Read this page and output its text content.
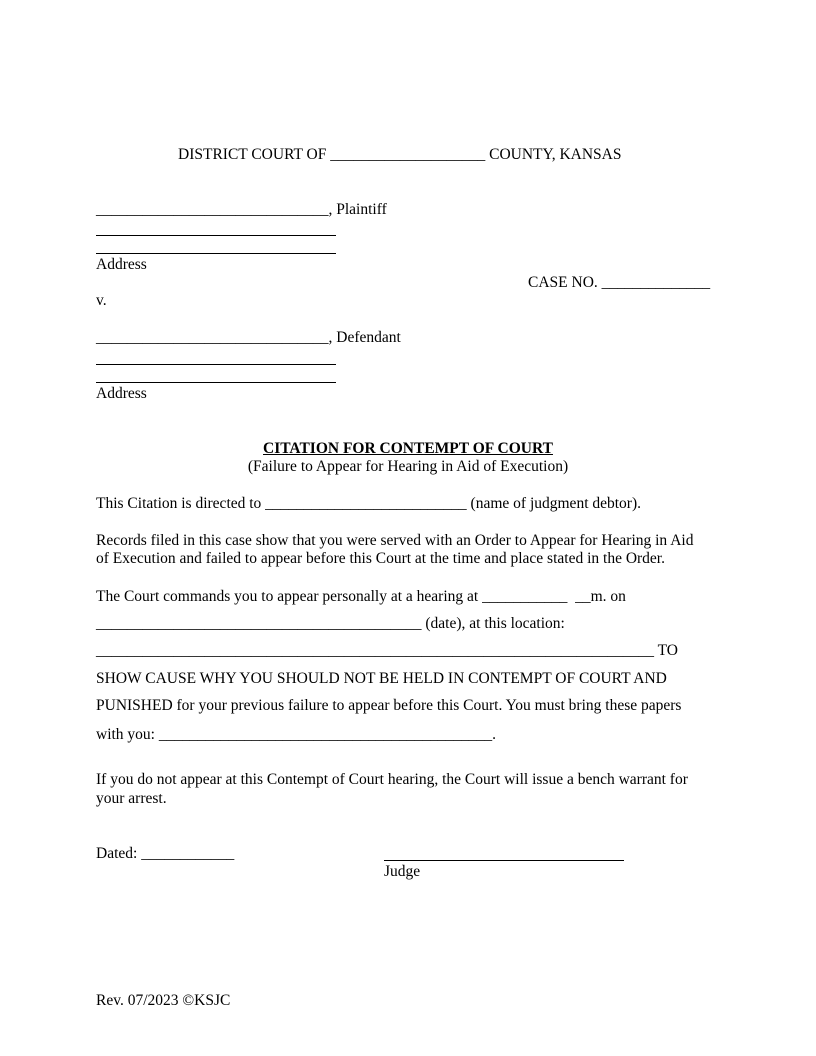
DISTRICT COURT OF ____________________ COUNTY, KANSAS
______________________________, Plaintiff
Address
CASE NO. ______________
v.
______________________________, Defendant
Address
CITATION FOR CONTEMPT OF COURT
(Failure to Appear for Hearing in Aid of Execution)
This Citation is directed to __________________________ (name of judgment debtor).
Records filed in this case show that you were served with an Order to Appear for Hearing in Aid
of Execution and failed to appear before this Court at the time and place stated in the Order.
The Court commands you to appear personally at a hearing at ___________  __m. on
__________________________________________ (date), at this location:
________________________________________________________________________ TO
SHOW CAUSE WHY YOU SHOULD NOT BE HELD IN CONTEMPT OF COURT AND
PUNISHED for your previous failure to appear before this Court. You must bring these papers
with you: ___________________________________________.
If you do not appear at this Contempt of Court hearing, the Court will issue a bench warrant for
your arrest.
Dated: ____________
Judge
Rev. 07/2023 ©KSJC
